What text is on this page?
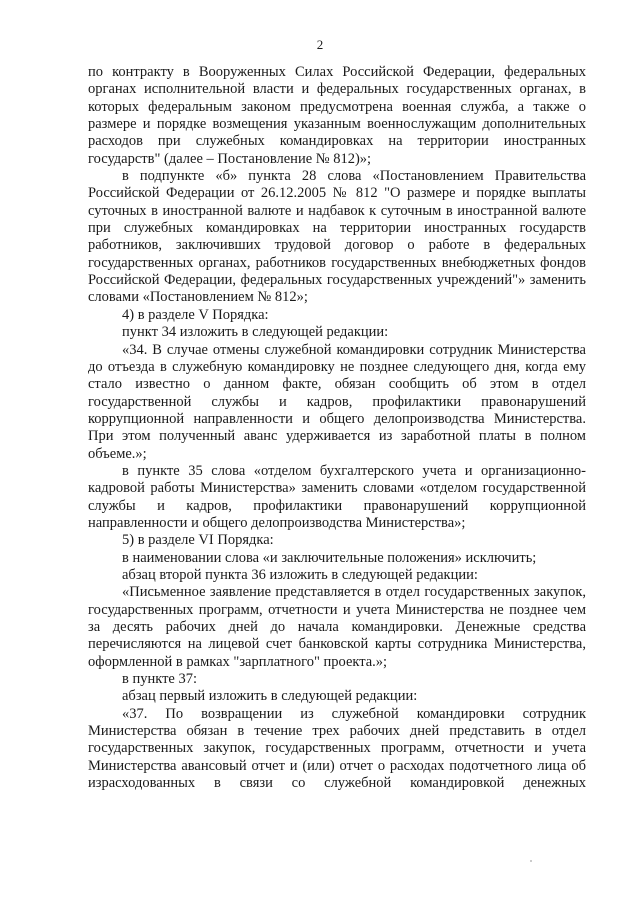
2

по контракту в Вооруженных Силах Российской Федерации, федеральных органах исполнительной власти и федеральных государственных органах, в которых федеральным законом предусмотрена военная служба, а также о размере и порядке возмещения указанным военнослужащим дополнительных расходов при служебных командировках на территории иностранных государств" (далее – Постановление № 812)»;

в подпункте «б» пункта 28 слова «Постановлением Правительства Российской Федерации от 26.12.2005 № 812 "О размере и порядке выплаты суточных в иностранной валюте и надбавок к суточным в иностранной валюте при служебных командировках на территории иностранных государств работников, заключивших трудовой договор о работе в федеральных государственных органах, работников государственных внебюджетных фондов Российской Федерации, федеральных государственных учреждений"» заменить словами «Постановлением № 812»;

4) в разделе V Порядка:

пункт 34 изложить в следующей редакции:

«34. В случае отмены служебной командировки сотрудник Министерства до отъезда в служебную командировку не позднее следующего дня, когда ему стало известно о данном факте, обязан сообщить об этом в отдел государственной службы и кадров, профилактики правонарушений коррупционной направленности и общего делопроизводства Министерства. При этом полученный аванс удерживается из заработной платы в полном объеме.»;

в пункте 35 слова «отделом бухгалтерского учета и организационно-кадровой работы Министерства» заменить словами «отделом государственной службы и кадров, профилактики правонарушений коррупционной направленности и общего делопроизводства Министерства»;

5) в разделе VI Порядка:

в наименовании слова «и заключительные положения» исключить;

абзац второй пункта 36 изложить в следующей редакции:

«Письменное заявление представляется в отдел государственных закупок, государственных программ, отчетности и учета Министерства не позднее чем за десять рабочих дней до начала командировки. Денежные средства перечисляются на лицевой счет банковской карты сотрудника Министерства, оформленной в рамках "зарплатного" проекта.»;

в пункте 37:

абзац первый изложить в следующей редакции:

«37. По возвращении из служебной командировки сотрудник Министерства обязан в течение трех рабочих дней представить в отдел государственных закупок, государственных программ, отчетности и учета Министерства авансовый отчет и (или) отчет о расходах подотчетного лица об израсходованных в связи со служебной командировкой денежных
